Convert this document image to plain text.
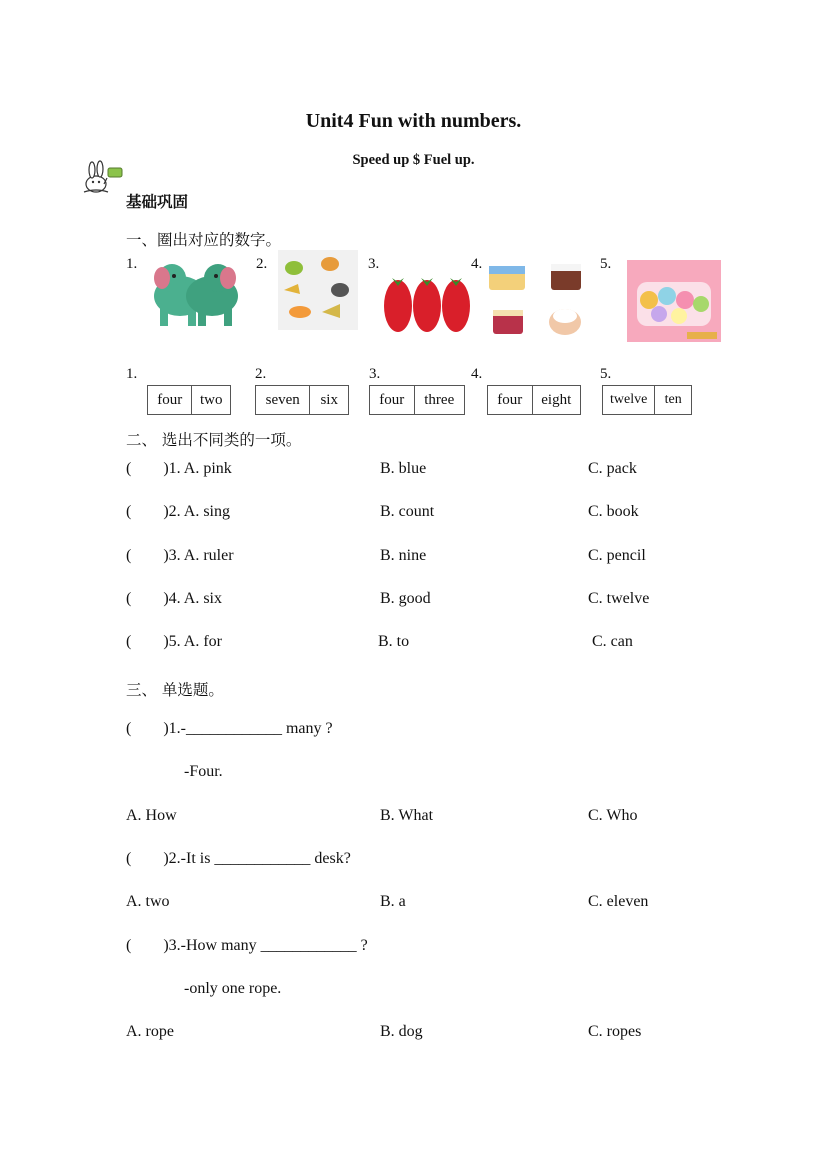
Unit4 Fun with numbers.
Speed up $ Fuel up.
基础巩固
一、圈出对应的数字。
1.	2.	3.	4.	5.
1.	2.	3.	4.	5.
four	two	seven	six	four	three	four	eight	twelve	ten
二、 选出不同类的一项。
(        )1. A. pink	B. blue	C. pack
(        )2. A. sing	B. count	C. book
(        )3. A. ruler	B. nine	C. pencil
(        )4. A. six	B. good	C. twelve
(        )5. A. for	B. to	C. can
三、 单选题。
(        )1.-____________ many ?
-Four.
A. How	B. What	C. Who
(        )2.-It is ____________ desk?
A. two	B. a	C. eleven
(        )3.-How many ____________ ?
-only one rope.
A. rope	B. dog	C. ropes
